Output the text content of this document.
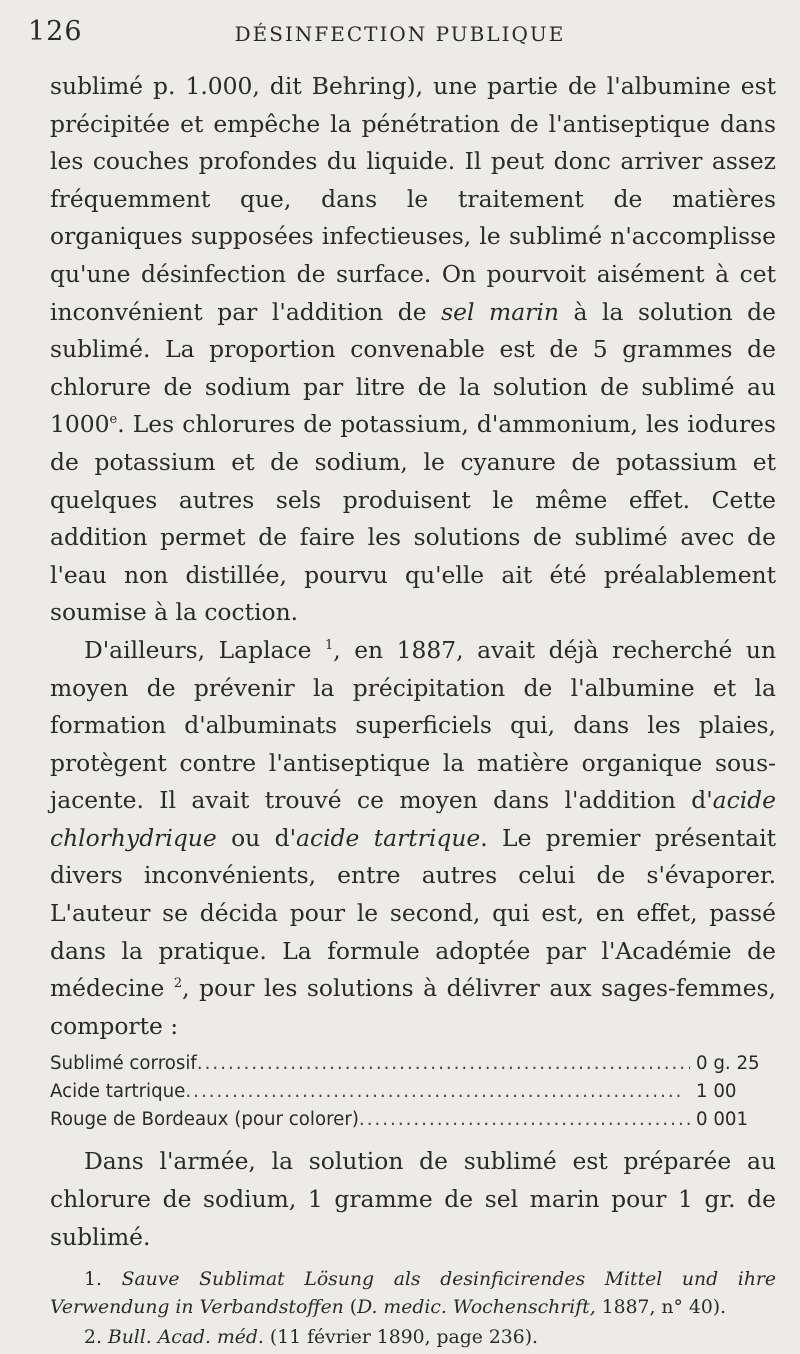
126	DÉSINFECTION PUBLIQUE

sublimé p. 1.000, dit Behring), une partie de l'albumine est précipitée et empêche la pénétration de l'antiseptique dans les couches profondes du liquide. Il peut donc arriver assez fréquemment que, dans le traitement de matières organiques supposées infectieuses, le sublimé n'accomplisse qu'une désinfection de surface. On pourvoit aisément à cet inconvénient par l'addition de sel marin à la solution de sublimé. La proportion convenable est de 5 grammes de chlorure de sodium par litre de la solution de sublimé au 1000e. Les chlorures de potassium, d'ammonium, les iodures de potassium et de sodium, le cyanure de potassium et quelques autres sels produisent le même effet. Cette addition permet de faire les solutions de sublimé avec de l'eau non distillée, pourvu qu'elle ait été préalablement soumise à la coction.

D'ailleurs, Laplace $^1$, en 1887, avait déjà recherché un moyen de prévenir la précipitation de l'albumine et la formation d'albuminats superficiels qui, dans les plaies, protègent contre l'antiseptique la matière organique sous-jacente. Il avait trouvé ce moyen dans l'addition d'acide chlorhydrique ou d'acide tartrique. Le premier présentait divers inconvénients, entre autres celui de s'évaporer. L'auteur se décida pour le second, qui est, en effet, passé dans la pratique. La formule adoptée par l'Académie de médecine $^2$, pour les solutions à délivrer aux sages-femmes, comporte :

Sublimé corrosif .....	0 g. 25
Acide tartrique .....	1 00
Rouge de Bordeaux (pour colorer) .....	0 001

Dans l'armée, la solution de sublimé est préparée au chlorure de sodium, 1 gramme de sel marin pour 1 gr. de sublimé.

1. Sauve Sublimat Lösung als desinficirendes Mittel und ihre Verwendung in Verbandstoffen (D. medic. Wochenschrift, 1887, n° 40).

2. Bull. Acad. méd. (11 février 1890, page 236).
